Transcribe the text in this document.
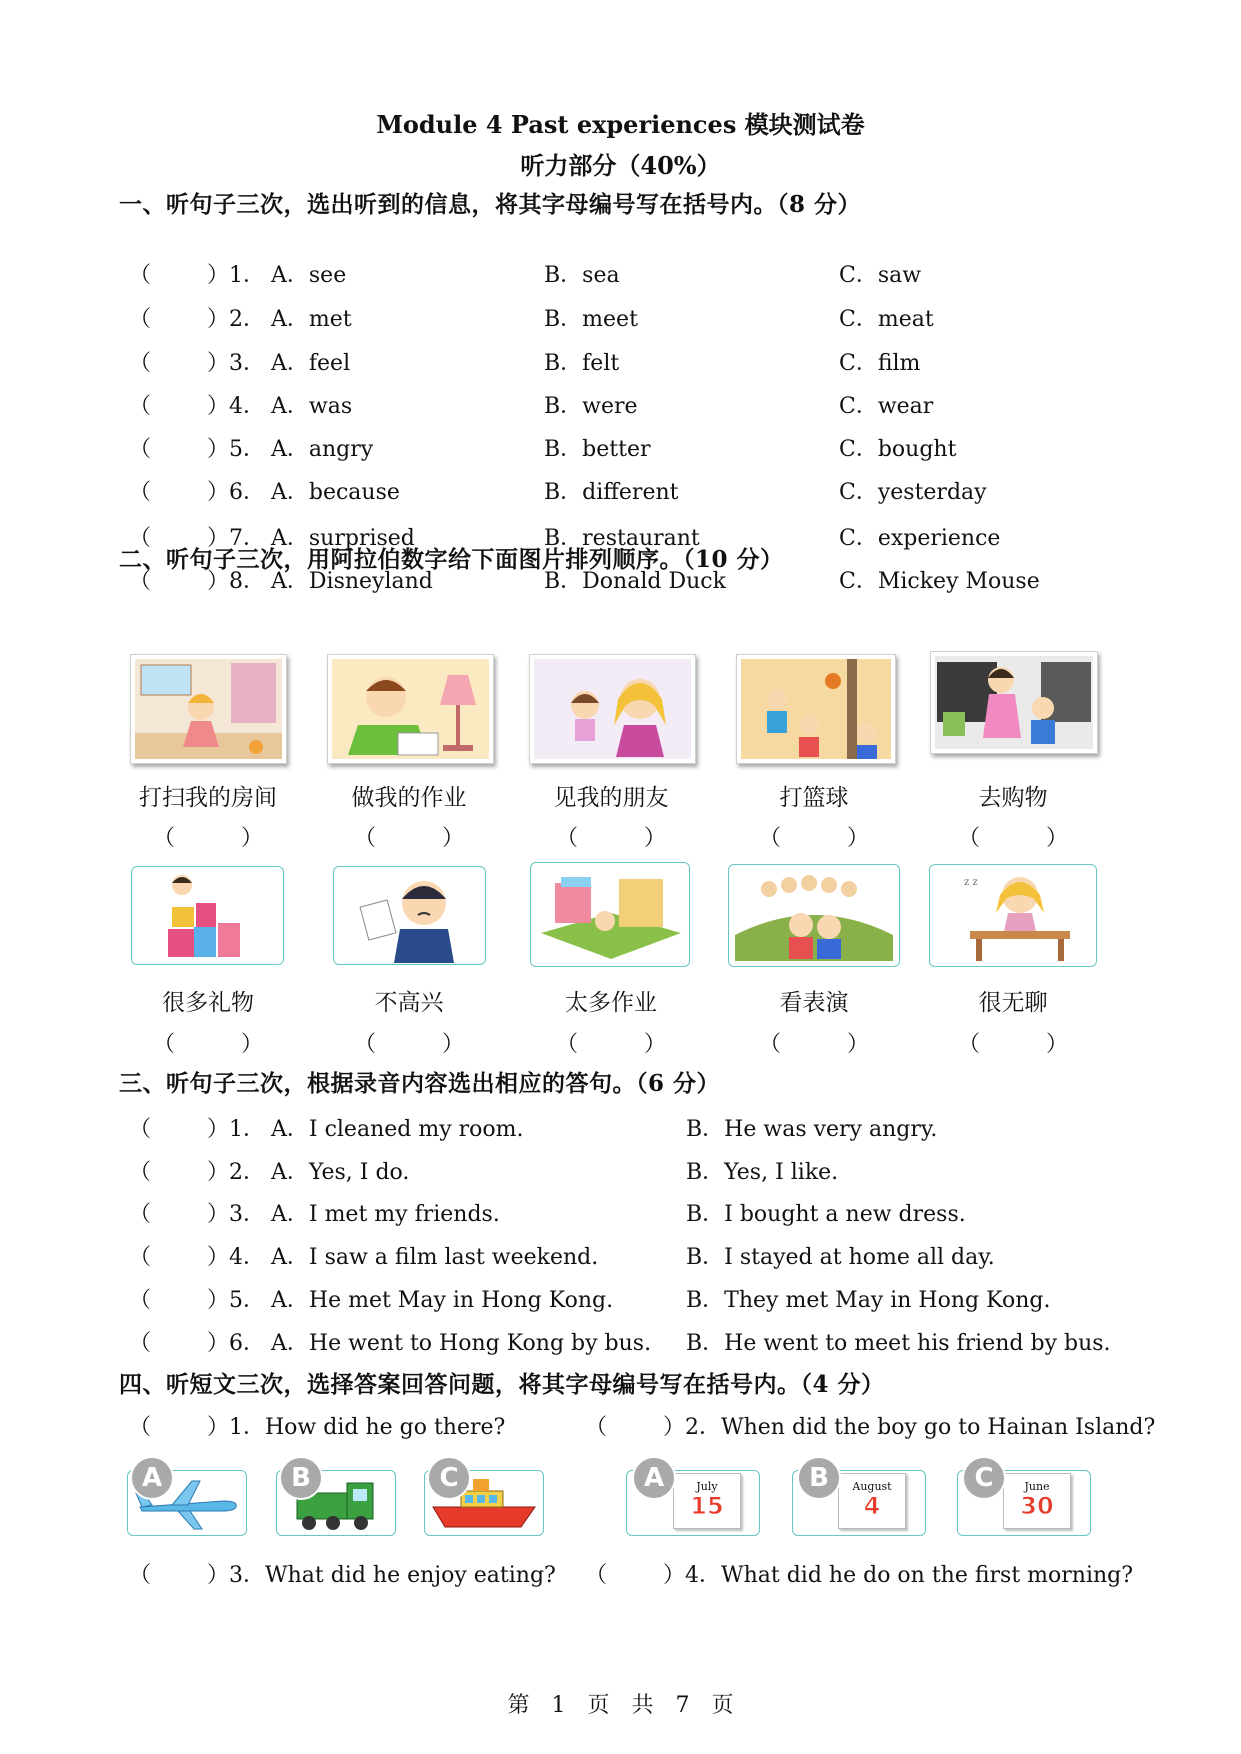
Module 4 Past experiences 模块测试卷
听力部分（40%）
一、听句子三次，选出听到的信息，将其字母编号写在括号内。（8 分）
（	） 1． A．see	B．sea	C．saw
（	） 2． A．met	B．meet	C．meat
（	） 3． A．feel	B．felt	C．film
（	） 4． A．was	B．were	C．wear
（	） 5． A．angry	B．better	C．bought
（	） 6． A．because	B．different	C．yesterday
（	） 7． A．surprised	B．restaurant	C．experience
（	） 8． A．Disneyland	B．Donald Duck	C．Mickey Mouse
二、听句子三次，用阿拉伯数字给下面图片排列顺序。（10 分）
打扫我的房间	做我的作业	见我的朋友	打篮球	去购物
（　　　）	（　　　）	（　　　）	（　　　）	（　　　）
z z
很多礼物	不高兴	太多作业	看表演	很无聊
（　　　）	（　　　）	（　　　）	（　　　）	（　　　）
三、听句子三次，根据录音内容选出相应的答句。（6 分）
（	） 1． A．I cleaned my room.	B．He was very angry.
（	） 2． A．Yes, I do.	B．Yes, I like.
（	） 3． A．I met my friends.	B．I bought a new dress.
（	） 4． A．I saw a film last weekend.	B．I stayed at home all day.
（	） 5． A．He met May in Hong Kong.	B．They met May in Hong Kong.
（	） 6． A．He went to Hong Kong by bus. B．He went to meet his friend by bus.
四、听短文三次，选择答案回答问题，将其字母编号写在括号内。（4 分）
（	） 1．How did he go there?	（	） 2．When did the boy go to Hainan Island?
A	B	C	July
15
A	August
4
B	June
30
C
（	） 3．What did he enjoy eating? （	） 4．What did he do on the first morning?
第　1　页　共　7　页
